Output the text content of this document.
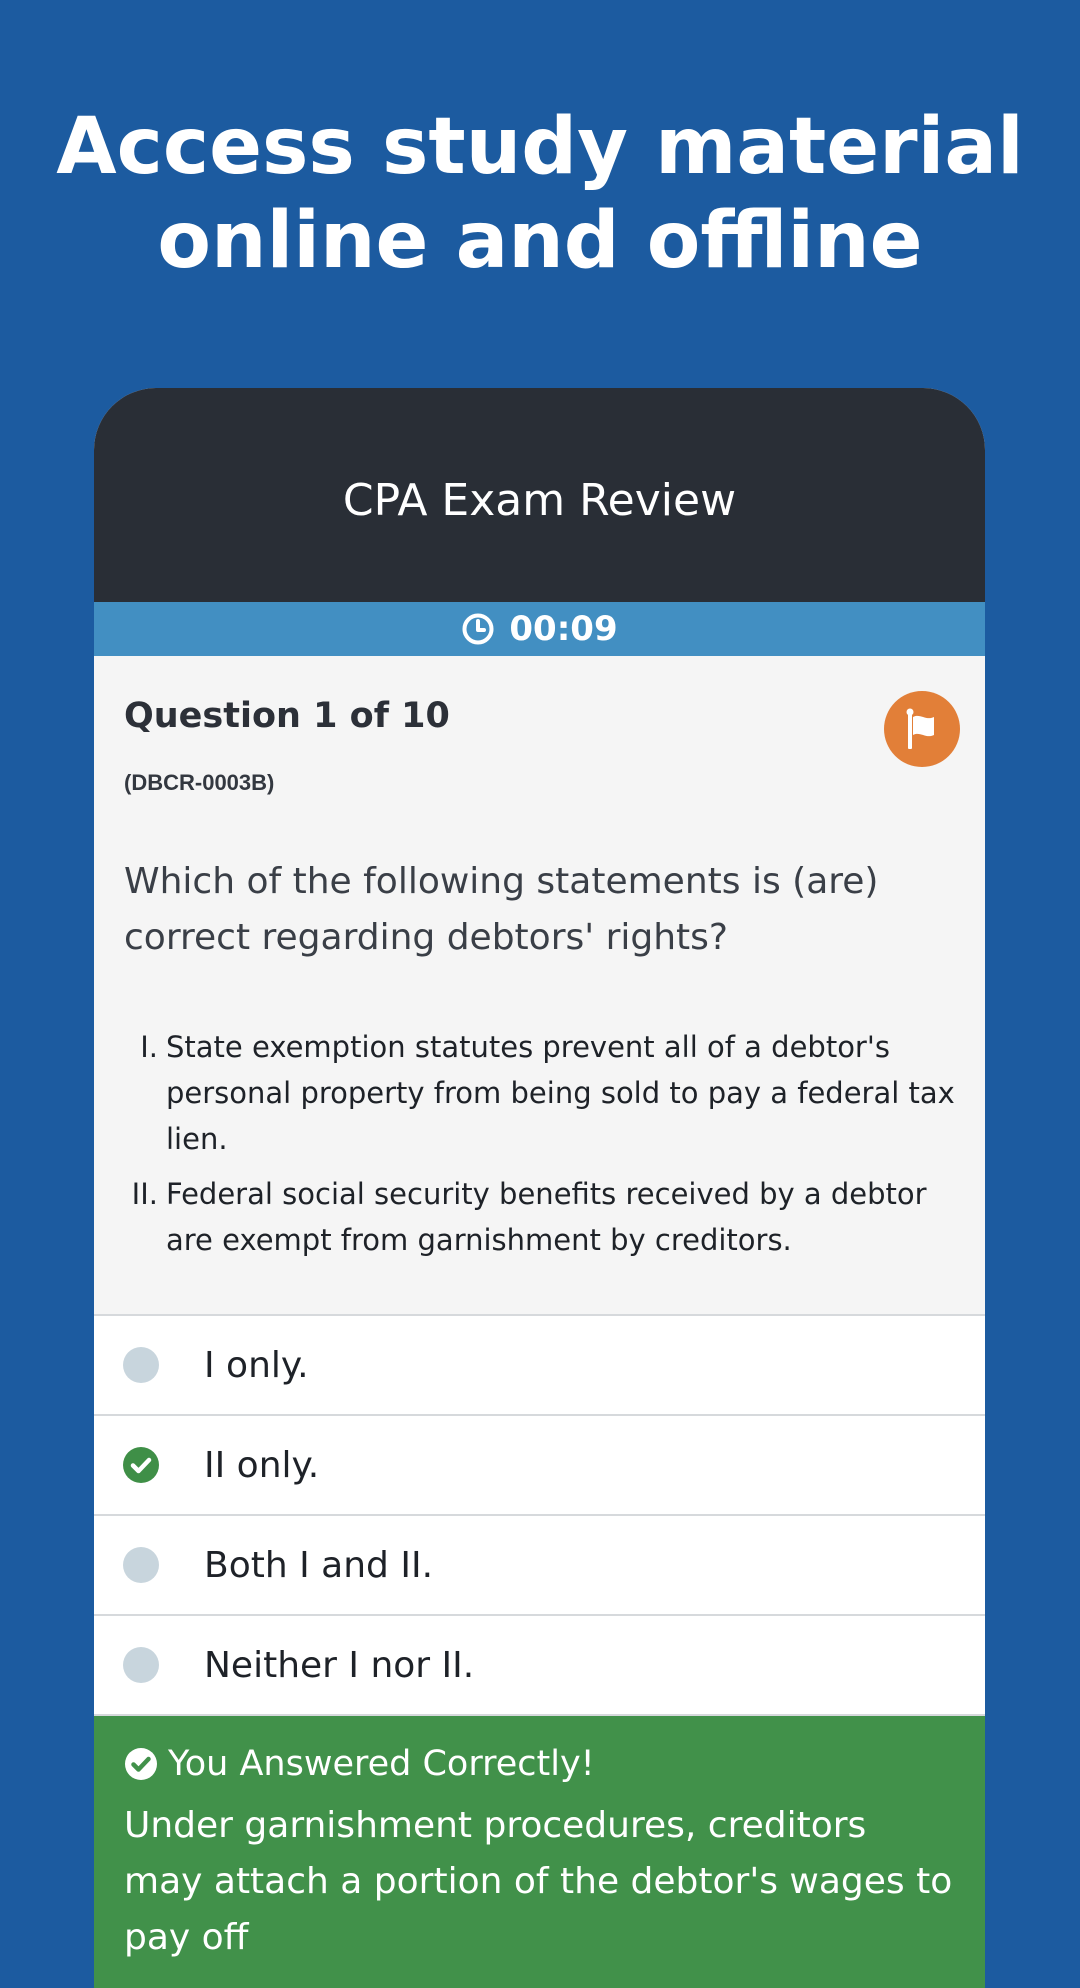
Access study material
online and offline
CPA Exam Review
00:09
Question 1 of 10
(DBCR-0003B)
Which of the following statements is (are) correct regarding debtors' rights?
I. State exemption statutes prevent all of a debtor's personal property from being sold to pay a federal tax lien.
II. Federal social security benefits received by a debtor are exempt from garnishment by creditors.
I only.
II only.
Both I and II.
Neither I nor II.
You Answered Correctly!
Under garnishment procedures, creditors may attach a portion of the debtor's wages to pay off
